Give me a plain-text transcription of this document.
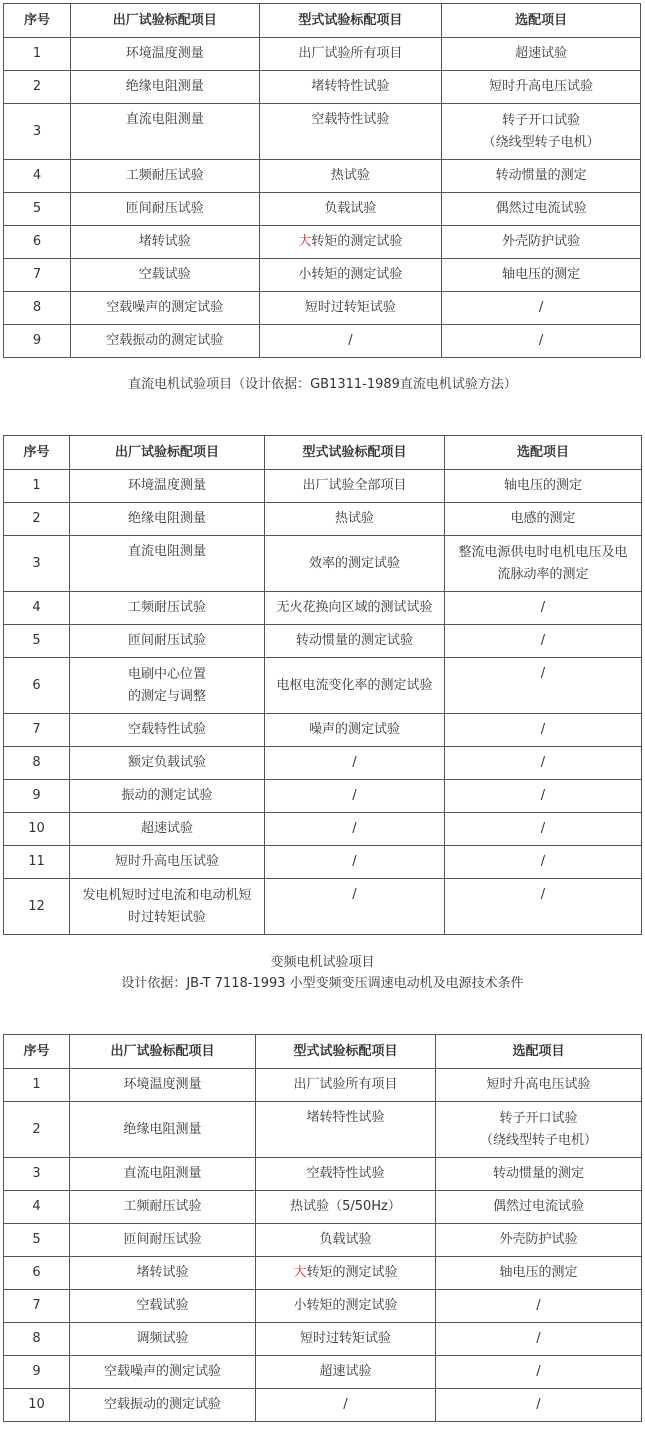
序号	出厂试验标配项目	型式试验标配项目	选配项目
1	环境温度测量	出厂试验所有项目	超速试验
2	绝缘电阻测量	堵转特性试验	短时升高电压试验
3	直流电阻测量	空载特性试验	转子开口试验
（绕线型转子电机）

4	工频耐压试验	热试验	转动惯量的测定
5	匝间耐压试验	负载试验	偶然过电流试验
6	堵转试验	大转矩的测定试验	外壳防护试验
7	空载试验	小转矩的测定试验	轴电压的测定
8	空载噪声的测定试验	短时过转矩试验	/
9	空载振动的测定试验	/	/
直流电机试验项目（设计依据：GB1311-1989直流电机试验方法）
序号	出厂试验标配项目	型式试验标配项目	选配项目
1	环境温度测量	出厂试验全部项目	轴电压的测定
2	绝缘电阻测量	热试验	电感的测定
3	直流电阻测量	效率的测定试验	整流电源供电时电机电压及电
流脉动率的测定

4	工频耐压试验	无火花换向区域的测试试验	/
5	匝间耐压试验	转动惯量的测定试验	/
6	电刷中心位置
的测定与调整	电枢电流变化率的测定试验	/
7	空载特性试验	噪声的测定试验	/
8	额定负载试验	/	/
9	振动的测定试验	/	/
10	超速试验	/	/
11	短时升高电压试验	/	/
12	发电机短时过电流和电动机短
时过转矩试验	/	/
变频电机试验项目
设计依据：JB-T 7118-1993 小型变频变压调速电动机及电源技术条件
序号	出厂试验标配项目	型式试验标配项目	选配项目
1	环境温度测量	出厂试验所有项目	短时升高电压试验
2	绝缘电阻测量	堵转特性试验	转子开口试验
（绕线型转子电机）

3	直流电阻测量	空载特性试验	转动惯量的测定
4	工频耐压试验	热试验（5/50Hz）	偶然过电流试验
5	匝间耐压试验	负载试验	外壳防护试验
6	堵转试验	大转矩的测定试验	轴电压的测定
7	空载试验	小转矩的测定试验	/
8	调频试验	短时过转矩试验	/
9	空载噪声的测定试验	超速试验	/
10	空载振动的测定试验	/	/
